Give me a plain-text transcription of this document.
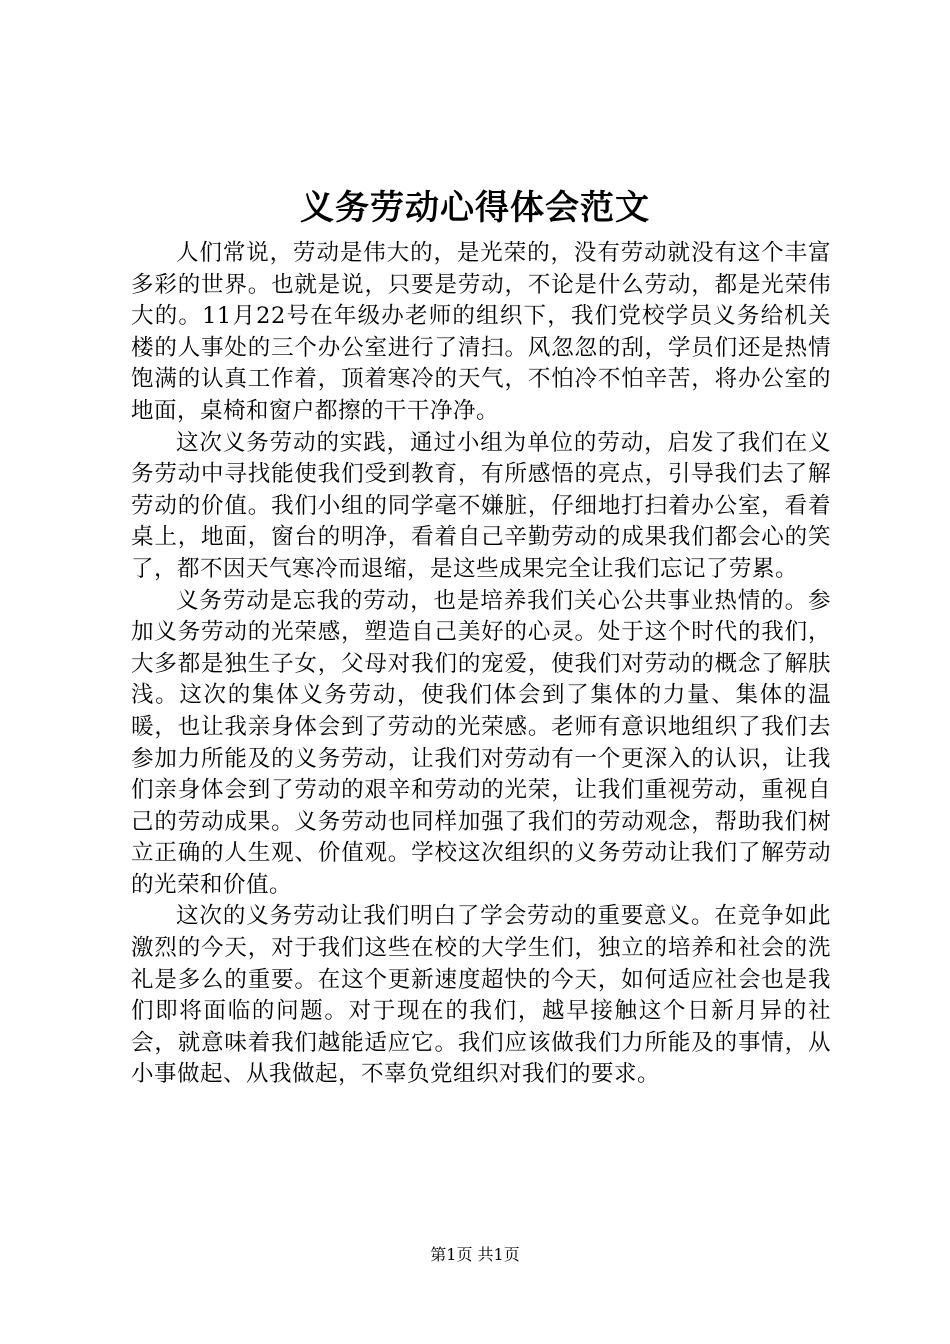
义务劳动心得体会范文

人们常说，劳动是伟大的，是光荣的，没有劳动就没有这个丰富多彩的世界。也就是说，只要是劳动，不论是什么劳动，都是光荣伟大的。11月22号在年级办老师的组织下，我们党校学员义务给机关楼的人事处的三个办公室进行了清扫。风忽忽的刮，学员们还是热情饱满的认真工作着，顶着寒冷的天气，不怕冷不怕辛苦，将办公室的地面，桌椅和窗户都擦的干干净净。

这次义务劳动的实践，通过小组为单位的劳动，启发了我们在义务劳动中寻找能使我们受到教育，有所感悟的亮点，引导我们去了解劳动的价值。我们小组的同学毫不嫌脏，仔细地打扫着办公室，看着桌上，地面，窗台的明净，看着自己辛勤劳动的成果我们都会心的笑了，都不因天气寒冷而退缩，是这些成果完全让我们忘记了劳累。

义务劳动是忘我的劳动，也是培养我们关心公共事业热情的。参加义务劳动的光荣感，塑造自己美好的心灵。处于这个时代的我们，大多都是独生子女，父母对我们的宠爱，使我们对劳动的概念了解肤浅。这次的集体义务劳动，使我们体会到了集体的力量、集体的温暖，也让我亲身体会到了劳动的光荣感。老师有意识地组织了我们去参加力所能及的义务劳动，让我们对劳动有一个更深入的认识，让我们亲身体会到了劳动的艰辛和劳动的光荣，让我们重视劳动，重视自己的劳动成果。义务劳动也同样加强了我们的劳动观念，帮助我们树立正确的人生观、价值观。学校这次组织的义务劳动让我们了解劳动的光荣和价值。

这次的义务劳动让我们明白了学会劳动的重要意义。在竞争如此激烈的今天，对于我们这些在校的大学生们，独立的培养和社会的洗礼是多么的重要。在这个更新速度超快的今天，如何适应社会也是我们即将面临的问题。对于现在的我们，越早接触这个日新月异的社会，就意味着我们越能适应它。我们应该做我们力所能及的事情，从小事做起、从我做起，不辜负党组织对我们的要求。

第1页 共1页
